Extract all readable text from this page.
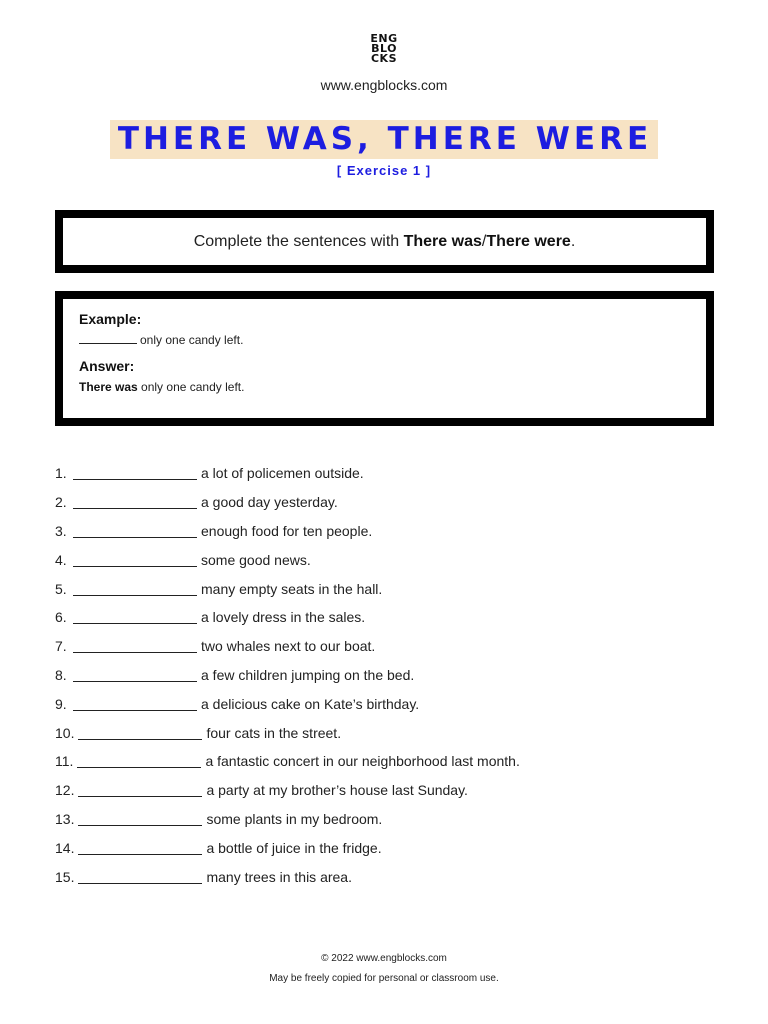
ENG
BLO
CKS
www.engblocks.com
THERE WAS, THERE WERE
[ Exercise 1 ]
Complete the sentences with There was/There were.
Example:
only one candy left.
Answer:
There was only one candy left.
1.	a lot of policemen outside.
2.	a good day yesterday.
3.	enough food for ten people.
4.	some good news.
5.	many empty seats in the hall.
6.	a lovely dress in the sales.
7.	two whales next to our boat.
8.	a few children jumping on the bed.
9.	a delicious cake on Kate’s birthday.
10.	four cats in the street.
11.	a fantastic concert in our neighborhood last month.
12.	a party at my brother’s house last Sunday.
13.	some plants in my bedroom.
14.	a bottle of juice in the fridge.
15.	many trees in this area.
© 2022 www.engblocks.com
May be freely copied for personal or classroom use.
